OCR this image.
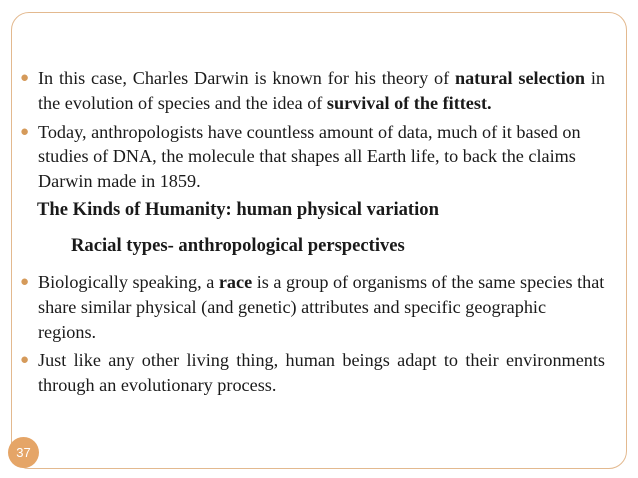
In this case, Charles Darwin is known for his theory of natural selection in the evolution of species and the idea of survival of the fittest.
Today, anthropologists have countless amount of data, much of it based on studies of DNA, the molecule that shapes all Earth life, to back the claims Darwin made in 1859.
The Kinds of Humanity: human physical variation
Racial types- anthropological perspectives
Biologically speaking, a race is a group of organisms of the same species that share similar physical (and genetic) attributes and specific geographic regions.
Just like any other living thing, human beings adapt to their environments through an evolutionary process.
37
